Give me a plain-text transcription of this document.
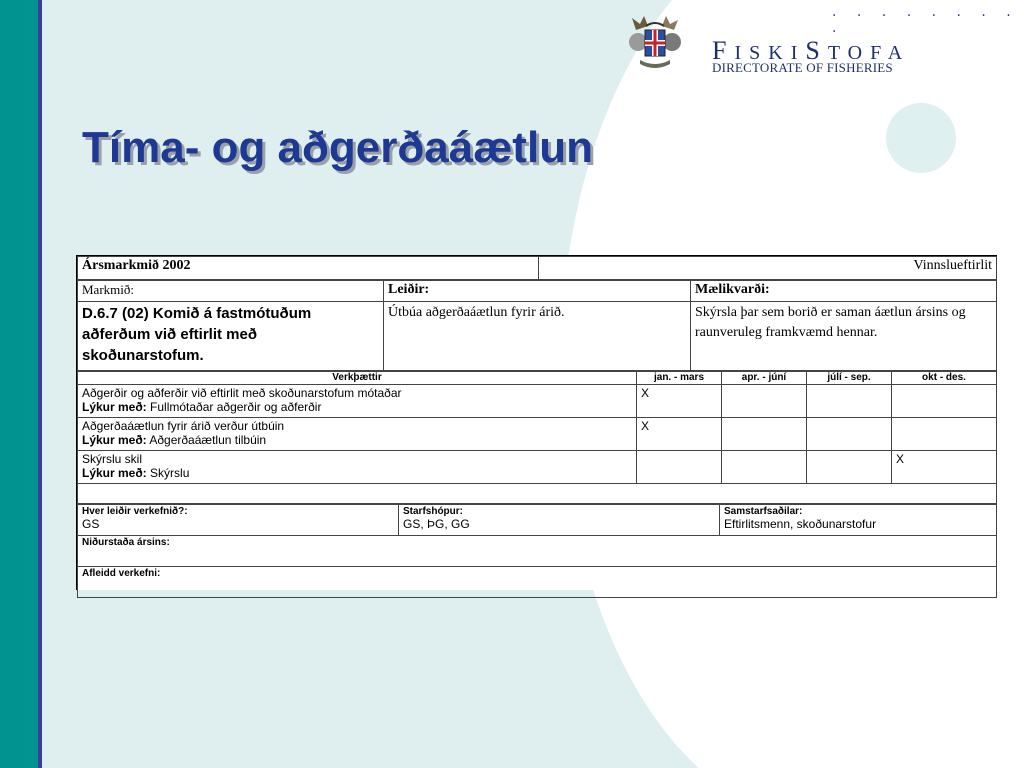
. . . . . . . . .
FISKISTOFA
DIRECTORATE OF FISHERIES
Tíma- og aðgerðaáætlun
Ársmarkmið 2002	Vinnslueftirlit
Markmið:	Leiðir:	Mælikvarði:
D.6.7 (02) Komið á fastmótuðum aðferðum við eftirlit með skoðunarstofum.	Útbúa aðgerðaáætlun fyrir árið.	Skýrsla þar sem borið er saman áætlun ársins og raunveruleg framkvæmd hennar.
Verkþættir	jan. - mars	apr. - júní	júlí - sep.	okt - des.
Aðgerðir og aðferðir við eftirlit með skoðunarstofum mótaðar
Lýkur með: Fullmótaðar aðgerðir og aðferðir	X			
Aðgerðaáætlun fyrir árið verður útbúin
Lýkur með: Aðgerðaáætlun tilbúin	X			
Skýrslu skil
Lýkur með: Skýrslu				X

Hver leiðir verkefnið?:
GS

Starfshópur:
GS, ÞG, GG

Samstarfsaðilar:
Eftirlitsmenn, skoðunarstofur

Niðurstaða ársins:

Afleidd verkefni:
